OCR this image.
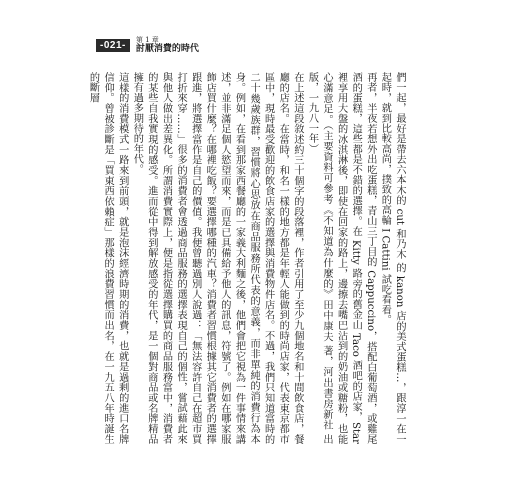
-021-	第 1 章
討厭消費的時代

們一起，最好是帶去六本木的 cut 和乃木 的 kanon 店的美式蛋糕…，跟淳一在一起時，就到比較高尚，撲致的高輪 I Cattini 試吃看看。

再者，半夜若想外出吃蛋糕，青山三丁目的 Cappuccino，搭配白葡萄酒，或雞尾酒的蛋糕，這些都是不錯的選擇。在 Kitty 路旁的舊金山 Taco 酒吧的店家，Star 裡享用大盤的冰淇淋後，即使在回家的路上，邊擦去嘴巴沾到的奶油或糖粉，也能心滿意足。（主要資料可參考《不知道為什麼的》田中康夫 著，河出書房新社 出版，一九八一年）

在上述這段敘述約三十個字的段落裡，作者引用了至少九個地名和十間飲食店，餐廳的店名。在當時，和名一樣的地方都是年輕人能做到的時尚店家，代表東京都市區中，現時最受歡迎的飲食店家的選擇與消費物件店名。不過，我們只知道當時的二十幾歲族群，習慣將心思放在商品服務所代表的意義，而非單純的消費行為本身。例如，在看到那家西餐廳的一家義大利麵之後，他們會把它視為一件事情來講述，並非滿足個人慾望而來，而是已具備給予他人的訊息，符號了。例如在哪家服飾店買什麼？在哪裡吃飯？要選擇哪種的汽車？消費者習慣根據其它消費者的選擇跟進，將選擇當作是自己的價值。我便曾聽過別人說過：「無法容許自己在超市買打折來穿……」很多的消費者會透過商品服務的選擇表現自己的個性，嘗試藉此來與他人做出差異化。所謂消費實際上，便是指從選擇購買的商品服務當中，消費者的某些自我實現的感受。進而從中得到解放感受的年代，是一個對商品或名牌精品擁有過多期待的年代。

這樣的消費模式一路來到前頭，就是泡沫經濟時期的消費，也就是過剩的進口名牌信仰。曾被診斷是「買東西依賴症」那樣的浪費習慣而出名，在一九五八年時誕生的斷層
